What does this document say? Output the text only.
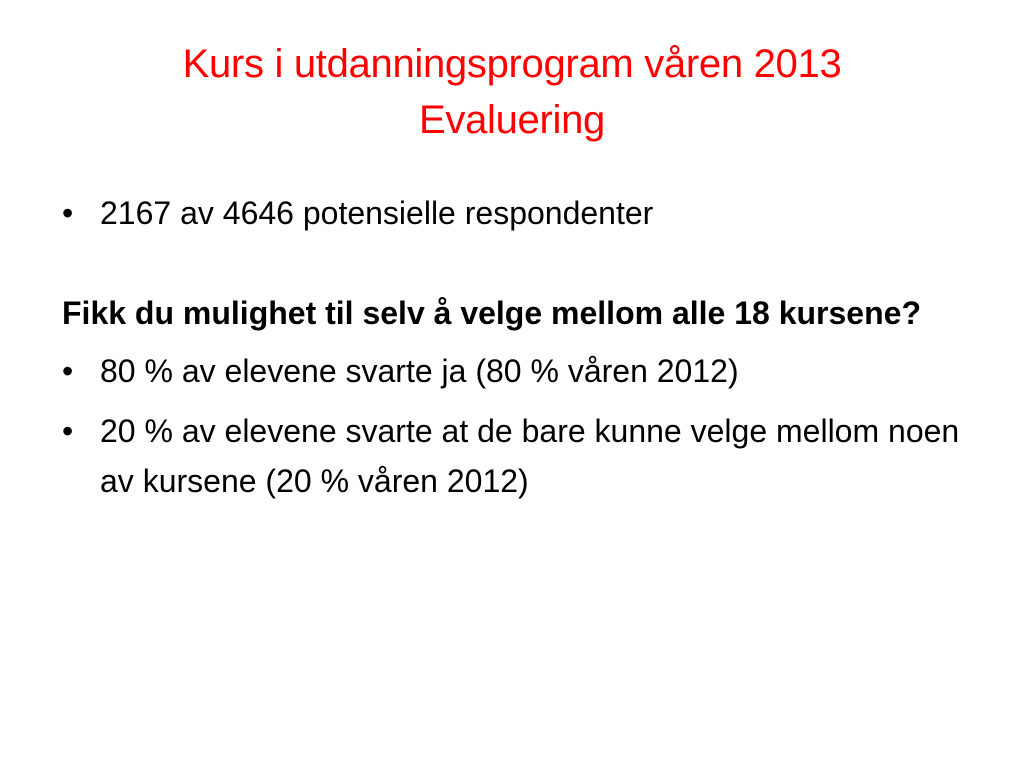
Kurs i utdanningsprogram våren 2013
Evaluering
• 2167 av 4646 potensielle respondenter
Fikk du mulighet til selv å velge mellom alle 18 kursene?
• 80 % av elevene svarte ja (80 % våren 2012)
• 20 % av elevene svarte at de bare kunne velge mellom noen av kursene (20 % våren 2012)
